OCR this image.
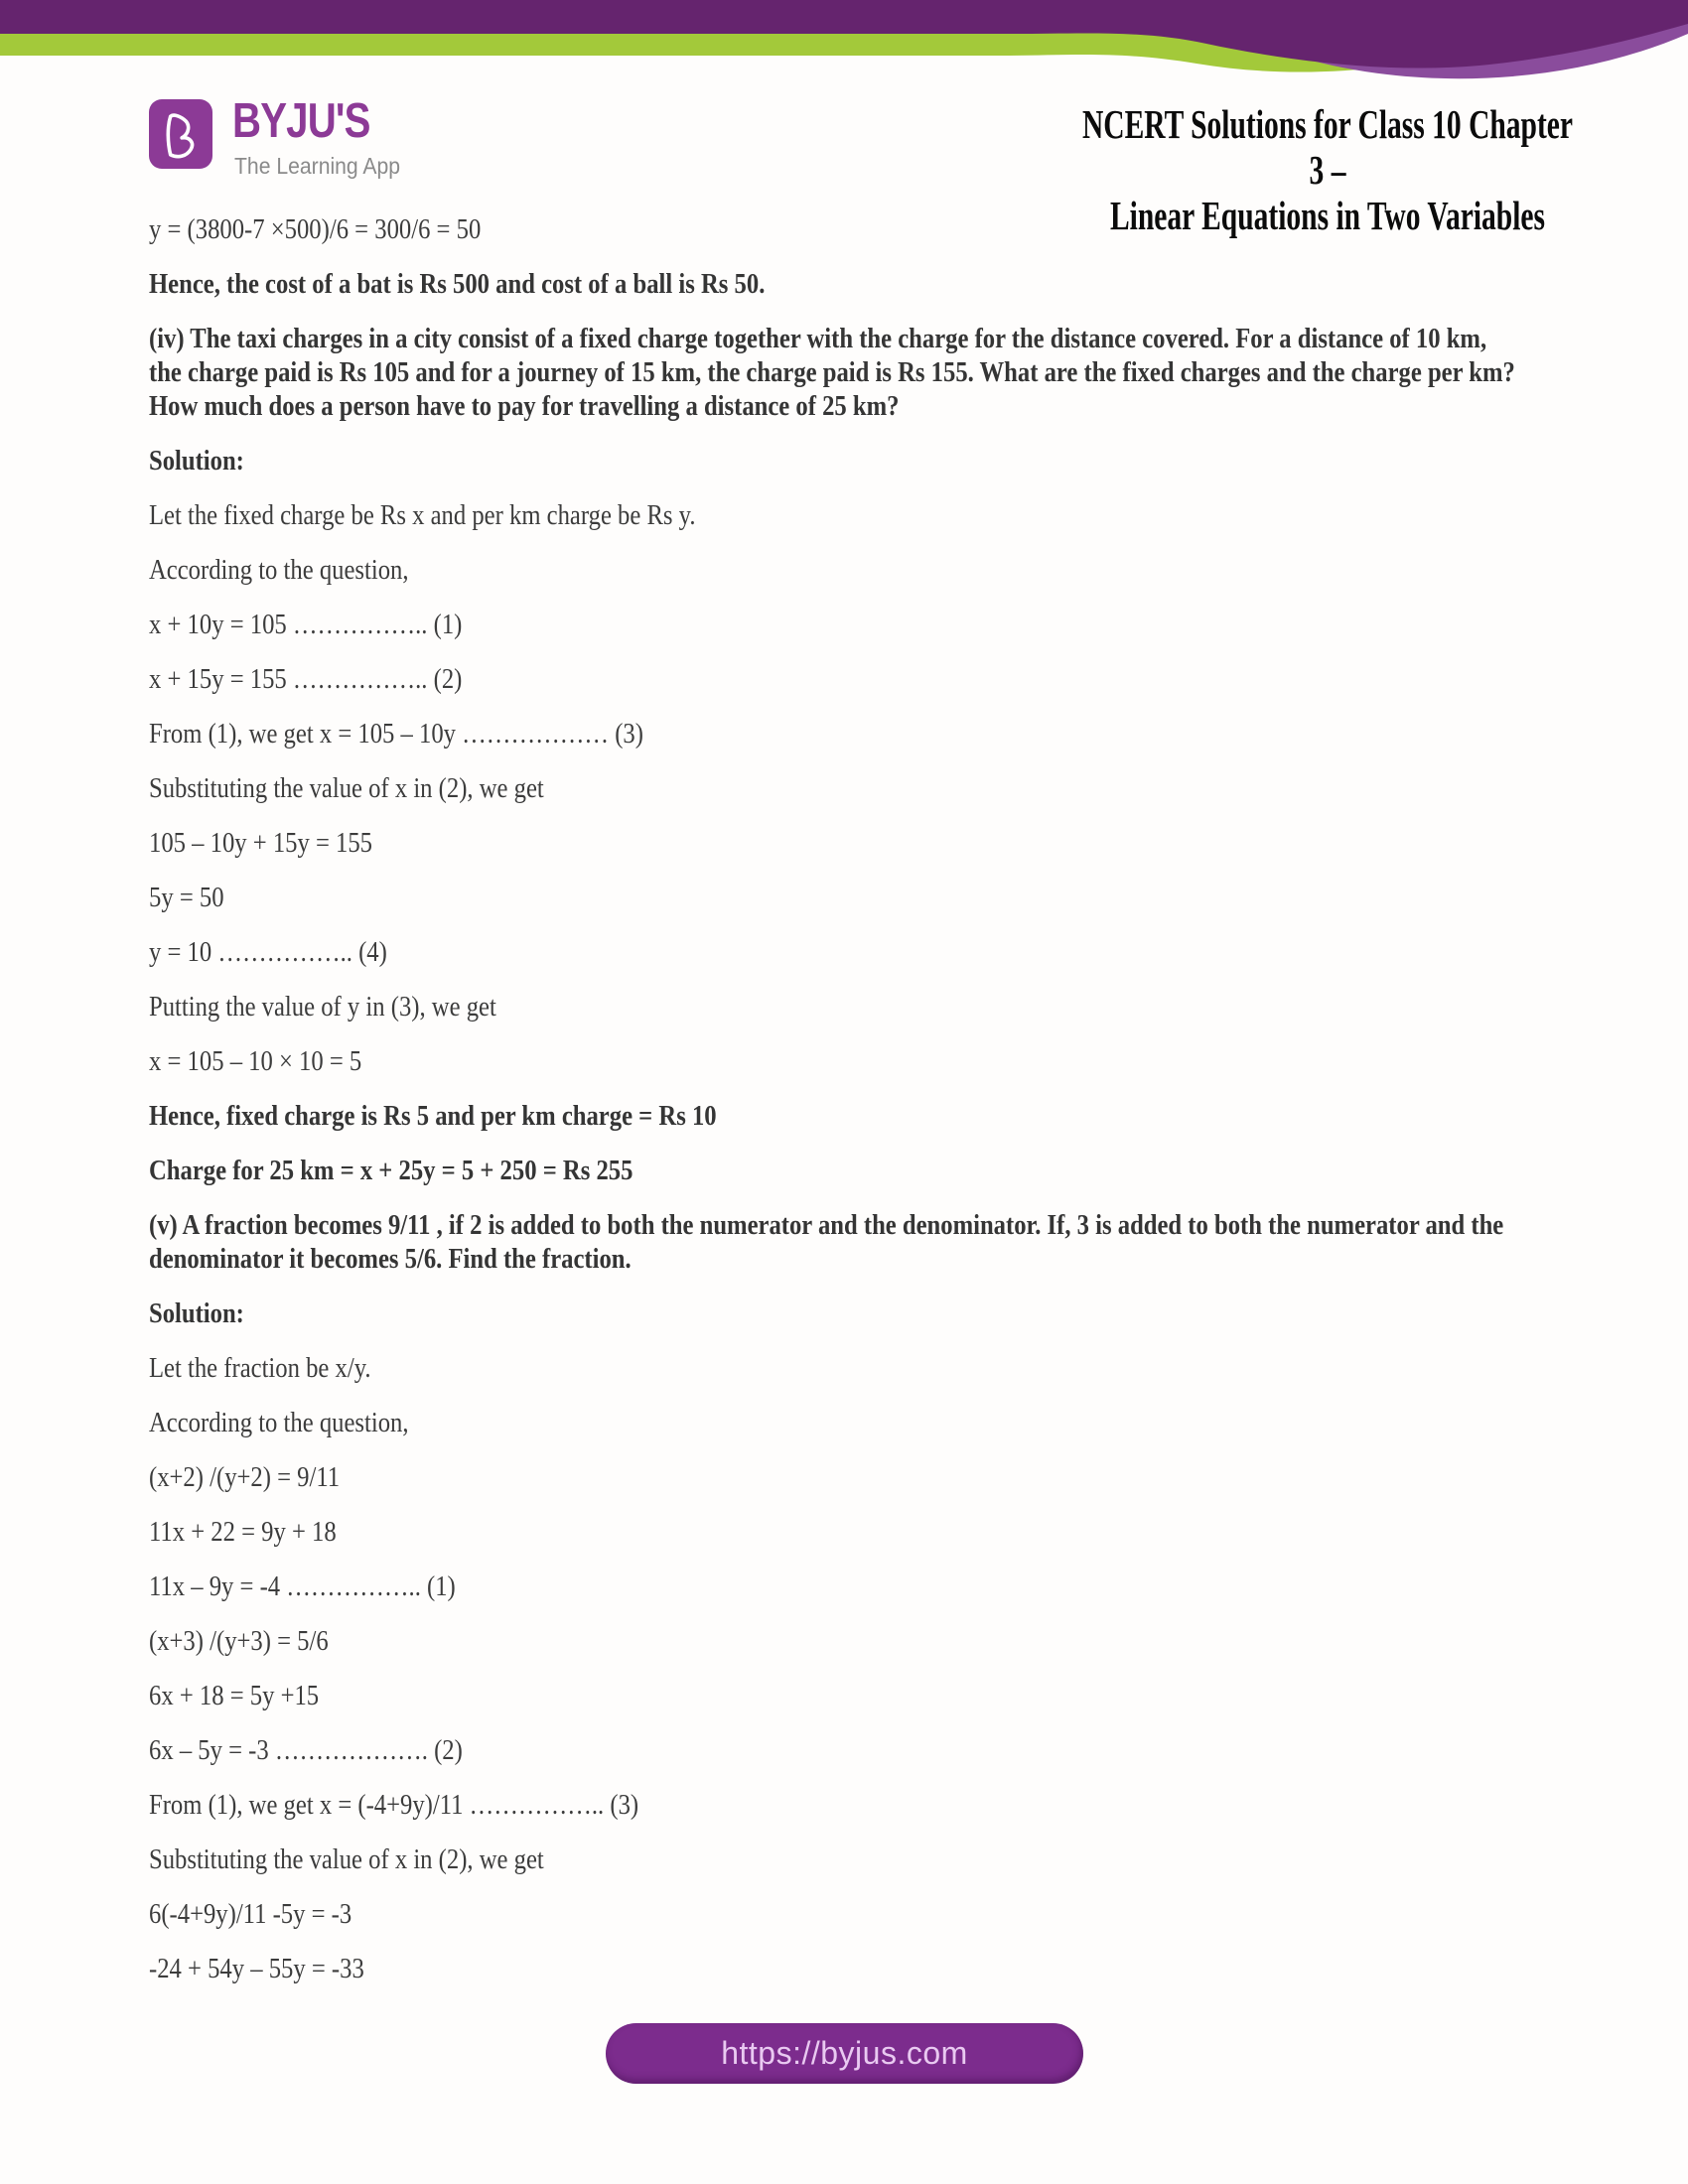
BYJU'S
The Learning App
NCERT Solutions for Class 10 Chapter 3 –
Linear Equations in Two Variables

y = (3800-7 ×500)/6 = 300/6 = 50

Hence, the cost of a bat is Rs 500 and cost of a ball is Rs 50.

(iv) The taxi charges in a city consist of a fixed charge together with the charge for the distance covered. For a distance of 10 km, the charge paid is Rs 105 and for a journey of 15 km, the charge paid is Rs 155. What are the fixed charges and the charge per km? How much does a person have to pay for travelling a distance of 25 km?

Solution:

Let the fixed charge be Rs x and per km charge be Rs y.

According to the question,

x + 10y = 105 …………….. (1)

x + 15y = 155 …………….. (2)

From (1), we get x = 105 – 10y ……………… (3)

Substituting the value of x in (2), we get

105 – 10y + 15y = 155

5y = 50

y = 10 …………….. (4)

Putting the value of y in (3), we get

x = 105 – 10 × 10 = 5

Hence, fixed charge is Rs 5 and per km charge = Rs 10

Charge for 25 km = x + 25y = 5 + 250 = Rs 255

(v) A fraction becomes 9/11 , if 2 is added to both the numerator and the denominator. If, 3 is added to both the numerator and the denominator it becomes 5/6. Find the fraction.

Solution:

Let the fraction be x/y.

According to the question,

(x+2) /(y+2) = 9/11

11x + 22 = 9y + 18

11x – 9y = -4 …………….. (1)

(x+3) /(y+3) = 5/6

6x + 18 = 5y +15

6x – 5y = -3 ………………. (2)

From (1), we get x = (-4+9y)/11 …………….. (3)

Substituting the value of x in (2), we get

6(-4+9y)/11 -5y = -3

-24 + 54y – 55y = -33

https://byjus.com
